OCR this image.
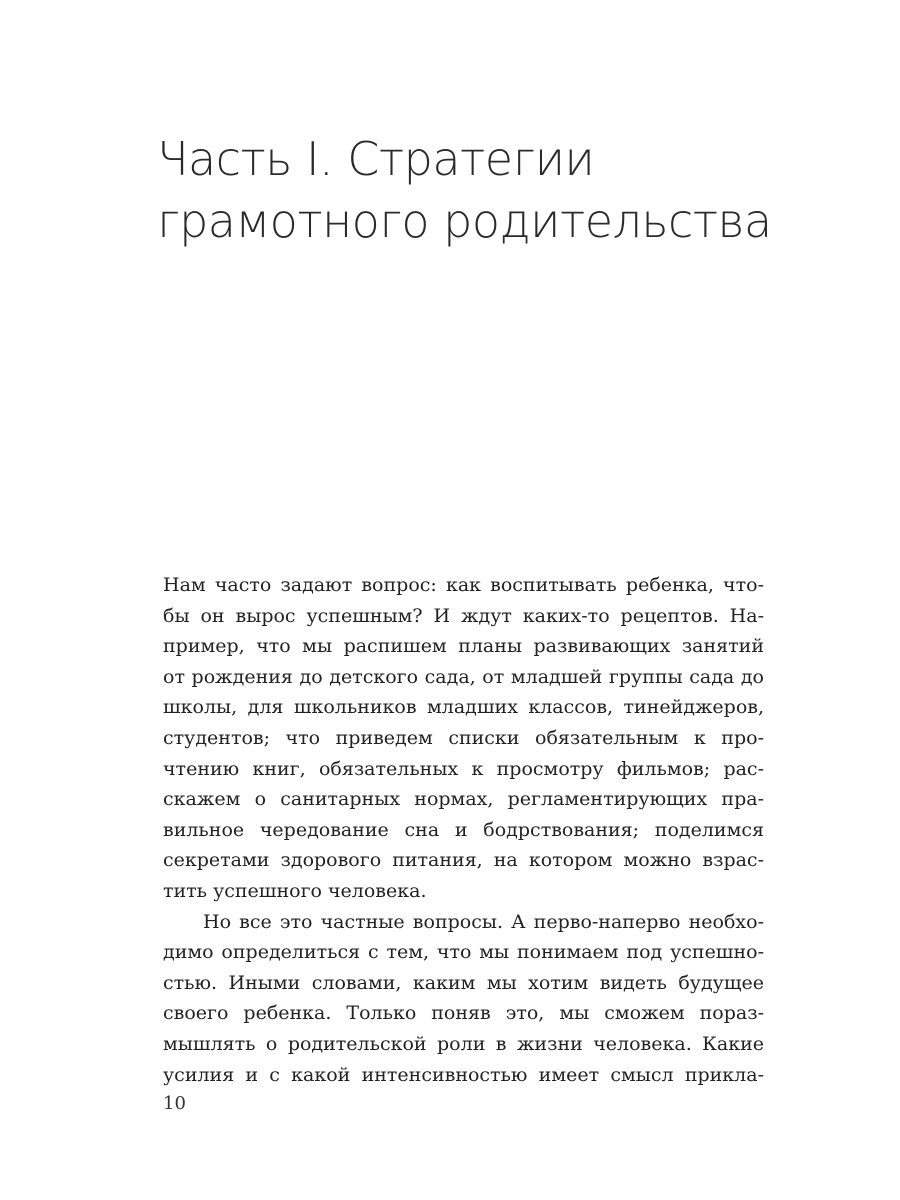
Часть I. Стратегии
грамотного родительства
Нам часто задают вопрос: как воспитывать ребенка, что-
бы он вырос успешным? И ждут каких-то рецептов. На-
пример, что мы распишем планы развивающих занятий
от рождения до детского сада, от младшей группы сада до
школы, для школьников младших классов, тинейджеров,
студентов; что приведем списки обязательным к про-
чтению книг, обязательных к просмотру фильмов; рас-
скажем о санитарных нормах, регламентирующих пра-
вильное чередование сна и бодрствования; поделимся
секретами здорового питания, на котором можно взрас-
тить успешного человека.
Но все это частные вопросы. А перво-наперво необхо-
димо определиться с тем, что мы понимаем под успешно-
стью. Иными словами, каким мы хотим видеть будущее
своего ребенка. Только поняв это, мы сможем пораз-
мышлять о родительской роли в жизни человека. Какие
усилия и с какой интенсивностью имеет смысл прикла-
10
